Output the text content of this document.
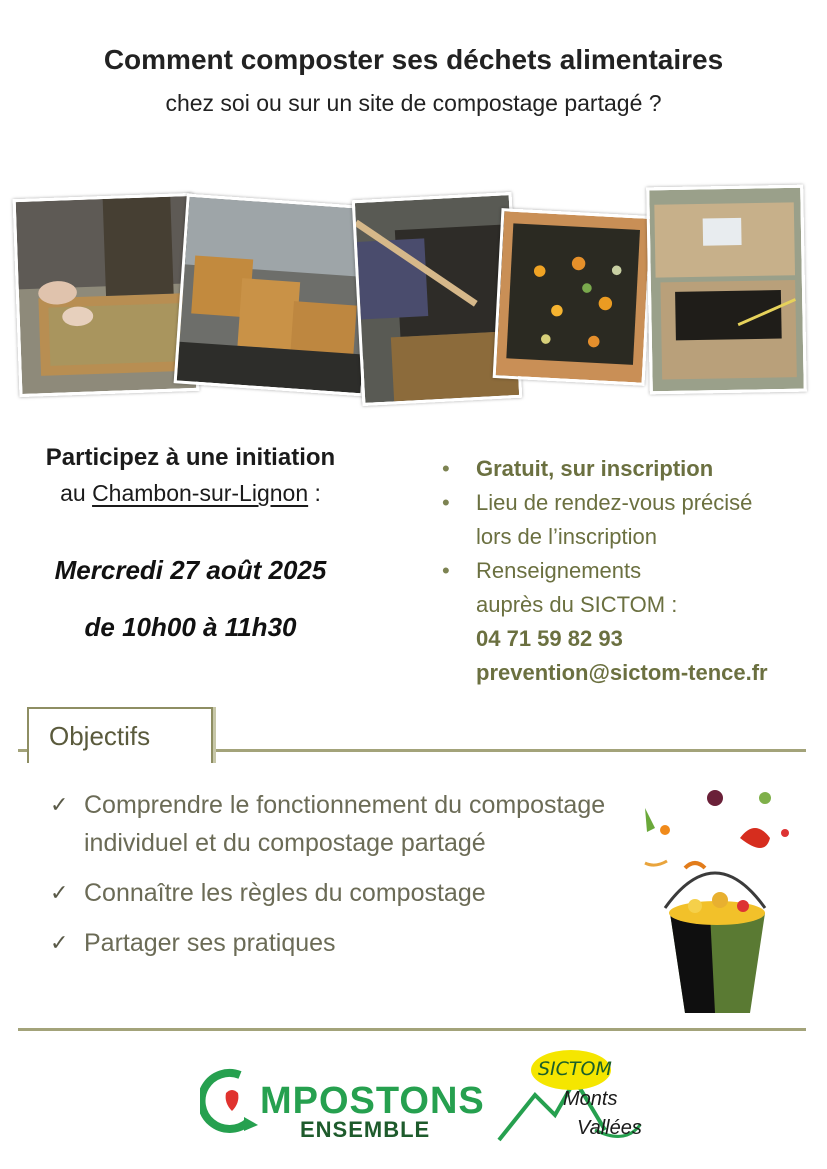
Comment composter ses déchets alimentaires
chez soi ou sur un site de compostage partagé ?
Participez à une initiation
au Chambon-sur-Lignon :
Mercredi 27 août 2025
de 10h00 à 11h30
• Gratuit, sur inscription
• Lieu de rendez-vous précisé
lors de l’inscription
• Renseignements
auprès du SICTOM :
04 71 59 82 93
prevention@sictom-tence.fr
Objectifs
✓ Comprendre le fonctionnement du compostage individuel et du compostage partagé
✓ Connaître les règles du compostage
✓ Partager ses pratiques
MPOSTONS
ENSEMBLE
SICTOM
Monts
Vallées
